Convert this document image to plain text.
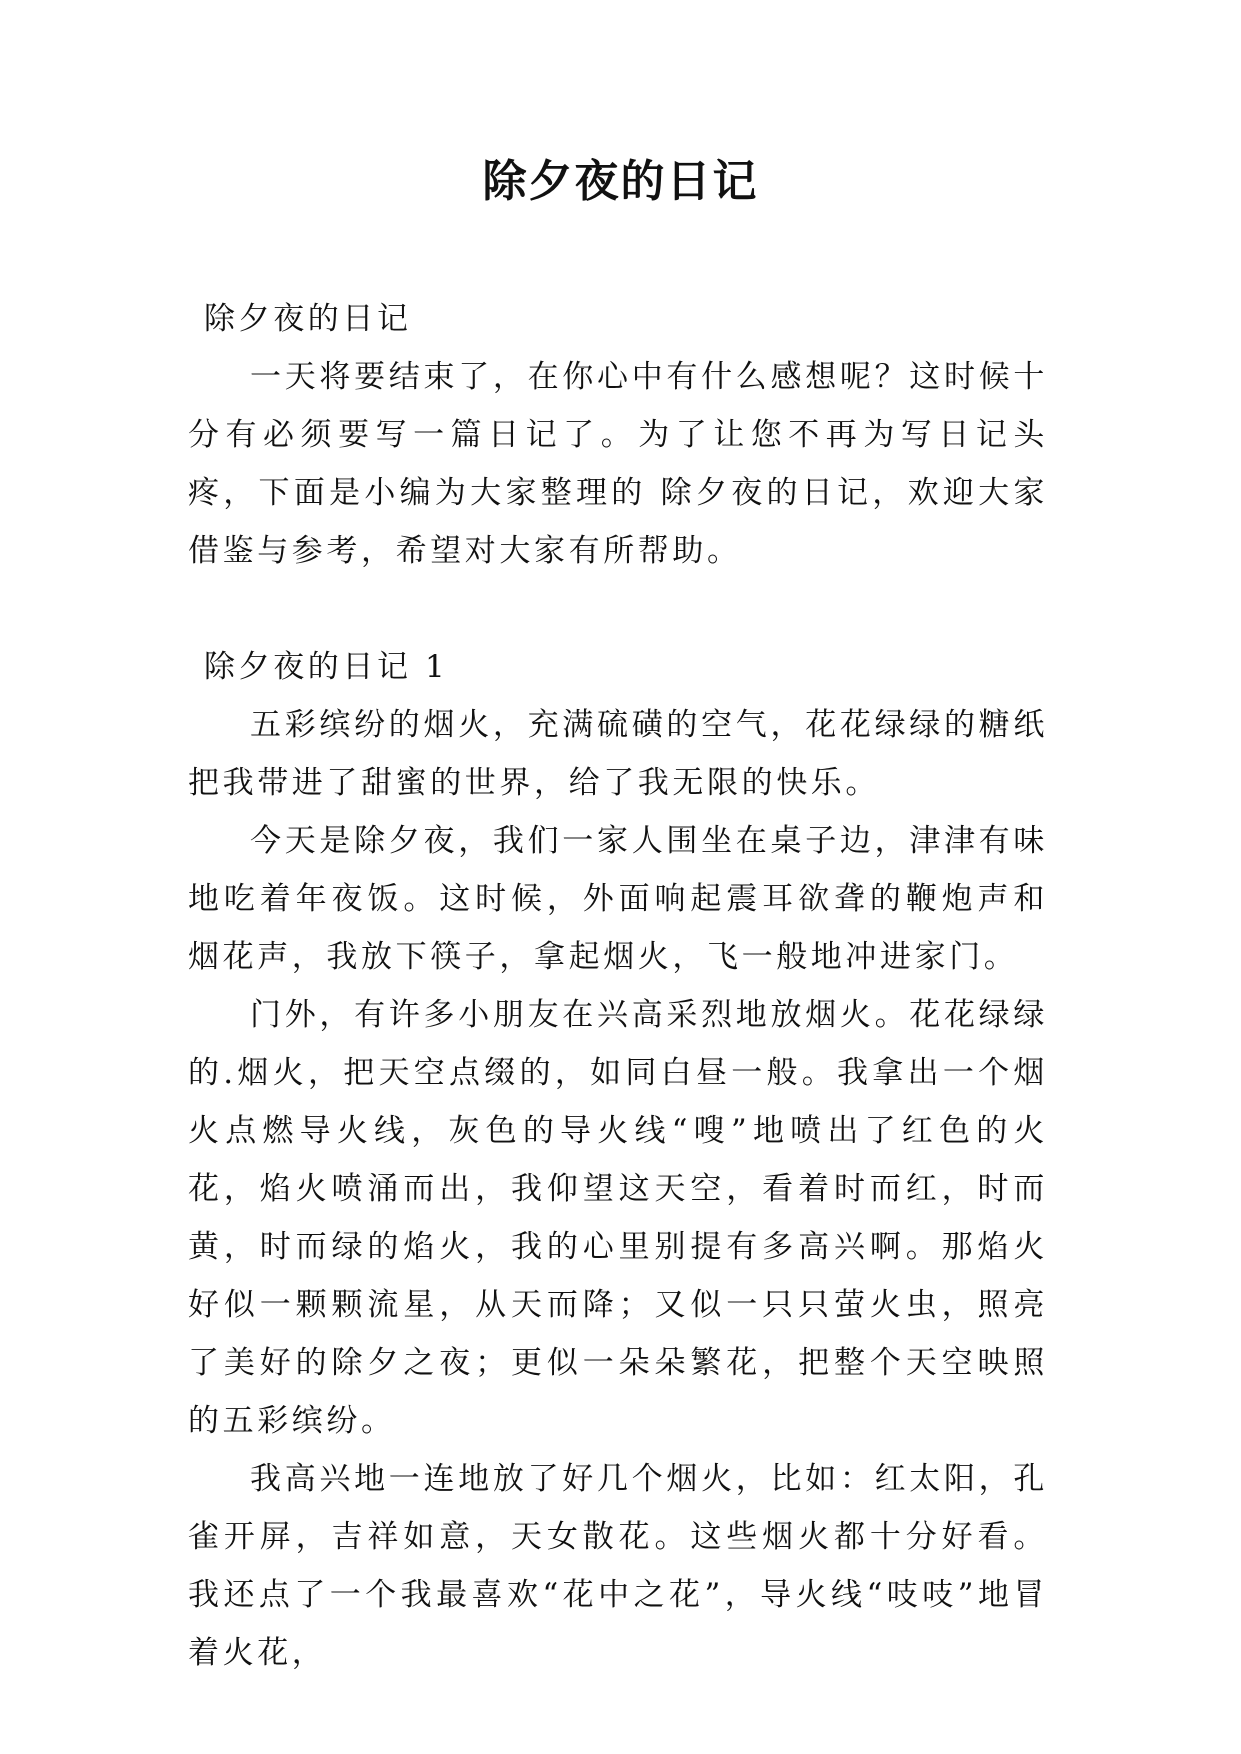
除夕夜的日记
除夕夜的日记

一天将要结束了，在你心中有什么感想呢？这时候十分有必须要写一篇日记了。为了让您不再为写日记头疼，下面是小编为大家整理的 除夕夜的日记，欢迎大家借鉴与参考，希望对大家有所帮助。

除夕夜的日记 1

五彩缤纷的烟火，充满硫磺的空气，花花绿绿的糖纸把我带进了甜蜜的世界，给了我无限的快乐。

今天是除夕夜，我们一家人围坐在桌子边，津津有味地吃着年夜饭。这时候，外面响起震耳欲聋的鞭炮声和烟花声，我放下筷子，拿起烟火，飞一般地冲进家门。

门外，有许多小朋友在兴高采烈地放烟火。花花绿绿的.烟火，把天空点缀的，如同白昼一般。我拿出一个烟火点燃导火线，灰色的导火线“嗖”地喷出了红色的火花，焰火喷涌而出，我仰望这天空，看着时而红，时而黄，时而绿的焰火，我的心里别提有多高兴啊。那焰火好似一颗颗流星，从天而降；又似一只只萤火虫，照亮了美好的除夕之夜；更似一朵朵繁花，把整个天空映照的五彩缤纷。

我高兴地一连地放了好几个烟火，比如：红太阳，孔雀开屏，吉祥如意，天女散花。这些烟火都十分好看。我还点了一个我最喜欢“花中之花”，导火线“吱吱”地冒着火花，
